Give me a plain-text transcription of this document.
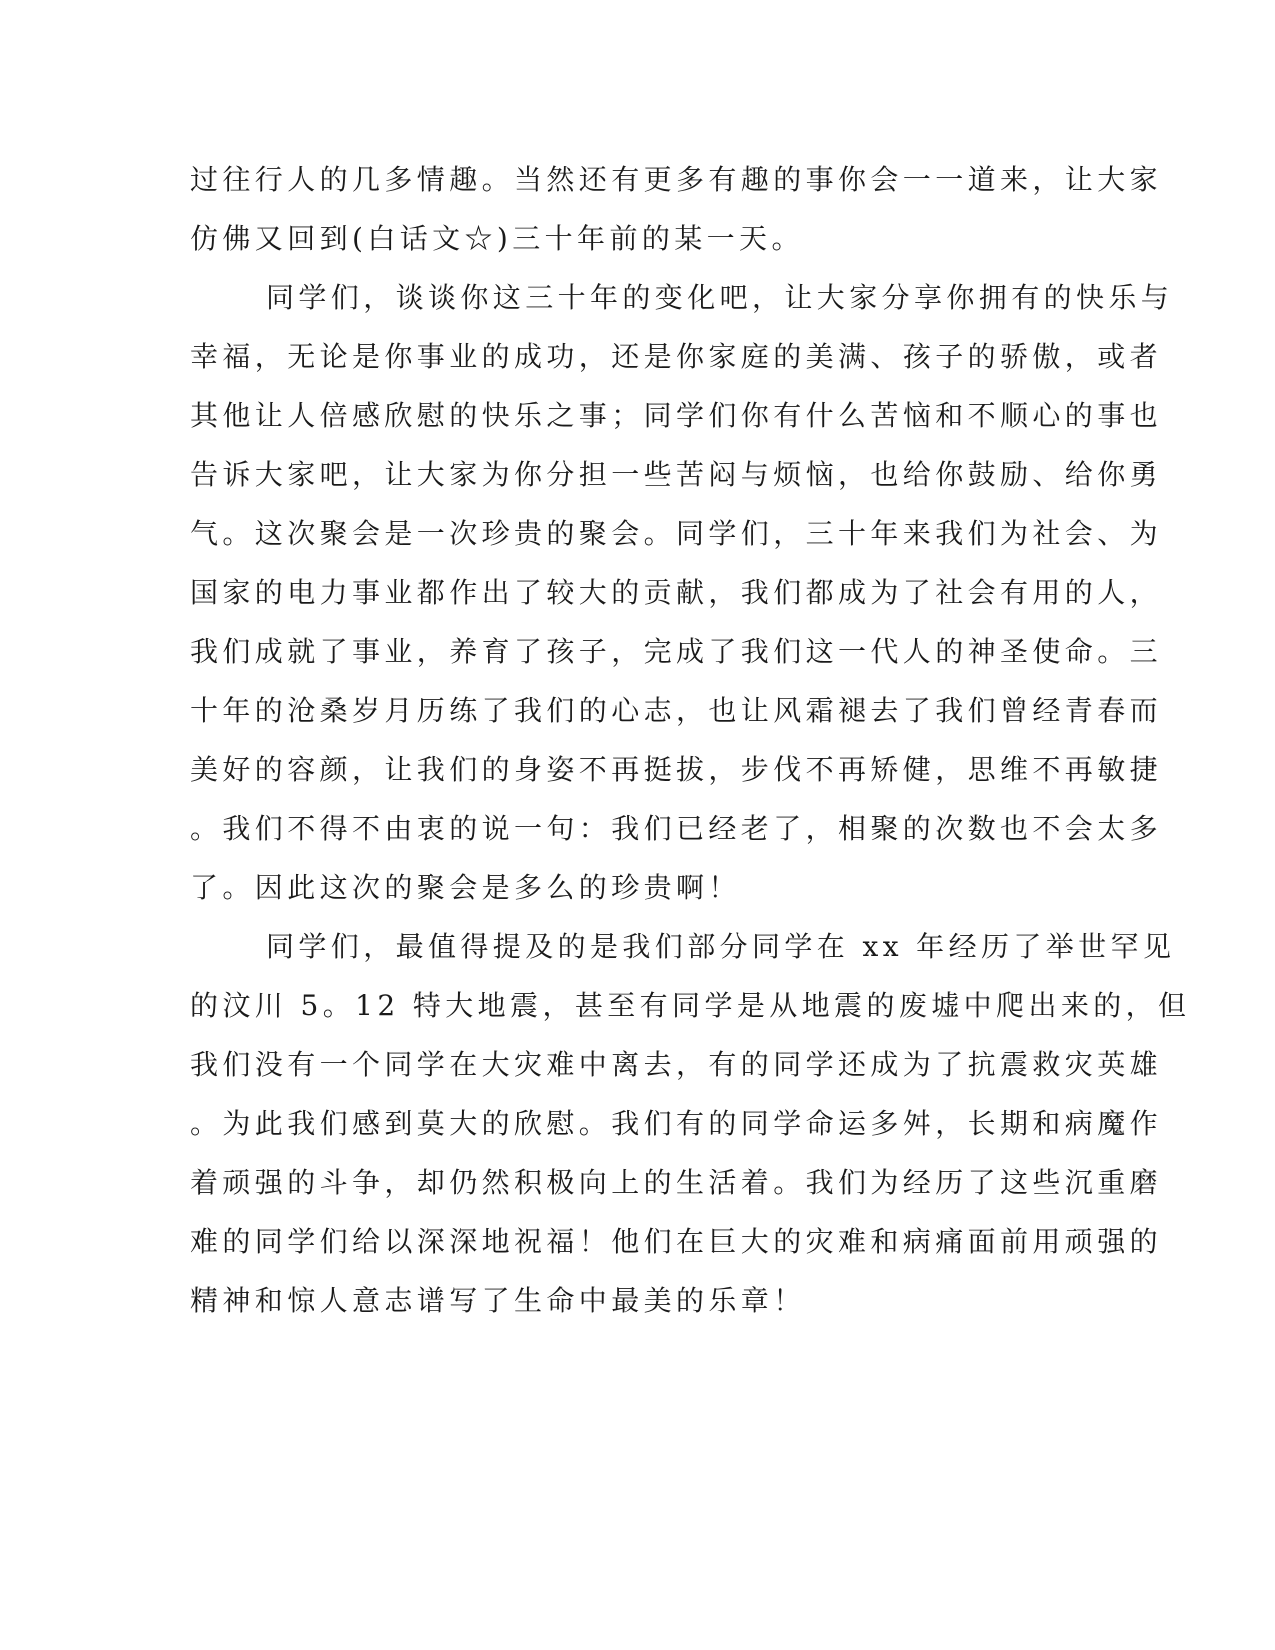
过往行人的几多情趣。当然还有更多有趣的事你会一一道来，让大家
仿佛又回到(白话文☆)三十年前的某一天。
同学们，谈谈你这三十年的变化吧，让大家分享你拥有的快乐与
幸福，无论是你事业的成功，还是你家庭的美满、孩子的骄傲，或者
其他让人倍感欣慰的快乐之事；同学们你有什么苦恼和不顺心的事也
告诉大家吧，让大家为你分担一些苦闷与烦恼，也给你鼓励、给你勇
气。这次聚会是一次珍贵的聚会。同学们，三十年来我们为社会、为
国家的电力事业都作出了较大的贡献，我们都成为了社会有用的人，
我们成就了事业，养育了孩子，完成了我们这一代人的神圣使命。三
十年的沧桑岁月历练了我们的心志，也让风霜褪去了我们曾经青春而
美好的容颜，让我们的身姿不再挺拔，步伐不再矫健，思维不再敏捷
。我们不得不由衷的说一句：我们已经老了，相聚的次数也不会太多
了。因此这次的聚会是多么的珍贵啊！
同学们，最值得提及的是我们部分同学在 xx 年经历了举世罕见
的汶川 5。12 特大地震，甚至有同学是从地震的废墟中爬出来的，但
我们没有一个同学在大灾难中离去，有的同学还成为了抗震救灾英雄
。为此我们感到莫大的欣慰。我们有的同学命运多舛，长期和病魔作
着顽强的斗争，却仍然积极向上的生活着。我们为经历了这些沉重磨
难的同学们给以深深地祝福！他们在巨大的灾难和病痛面前用顽强的
精神和惊人意志谱写了生命中最美的乐章！
